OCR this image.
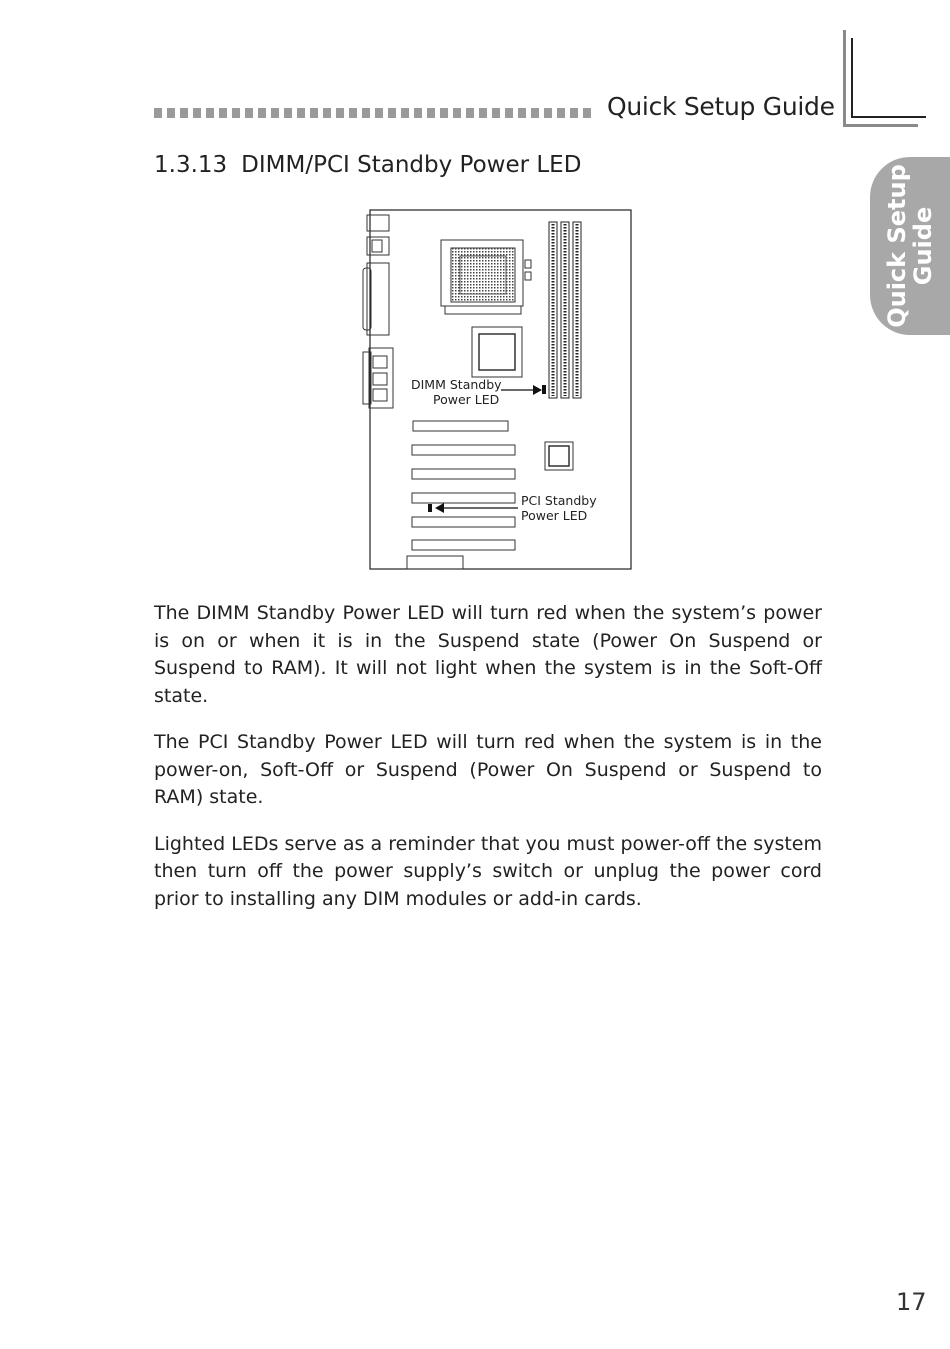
Quick Setup Guide
Quick Setup
Guide
1.3.13 DIMM/PCI Standby Power LED
DIMM Standby
Power LED
PCI Standby
Power LED

The DIMM Standby Power LED will turn red when the system’s power is on or when it is in the Suspend state (Power On Suspend or Suspend to RAM). It will not light when the system is in the Soft-Off state.

The PCI Standby Power LED will turn red when the system is in the power-on, Soft-Off or Suspend (Power On Suspend or Suspend to RAM) state.

Lighted LEDs serve as a reminder that you must power-off the system then turn off the power supply’s switch or unplug the power cord prior to installing any DIM modules or add-in cards.

17
